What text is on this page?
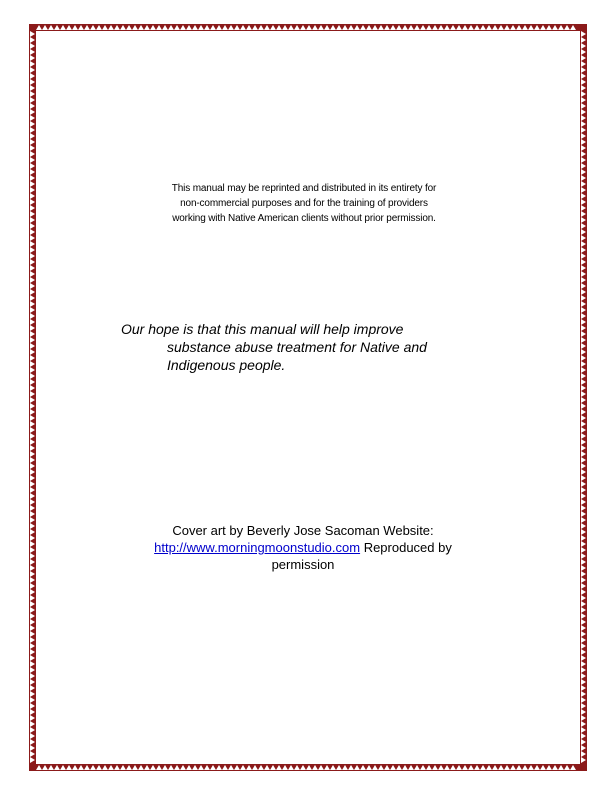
This manual may be reprinted and distributed in its entirety for
non-commercial purposes and for the training of providers
working with Native American clients without prior permission.
Our hope is that this manual will help improve
substance abuse treatment for Native and
Indigenous people.
Cover art by Beverly Jose Sacoman Website:
http://www.morningmoonstudio.com Reproduced by
permission
